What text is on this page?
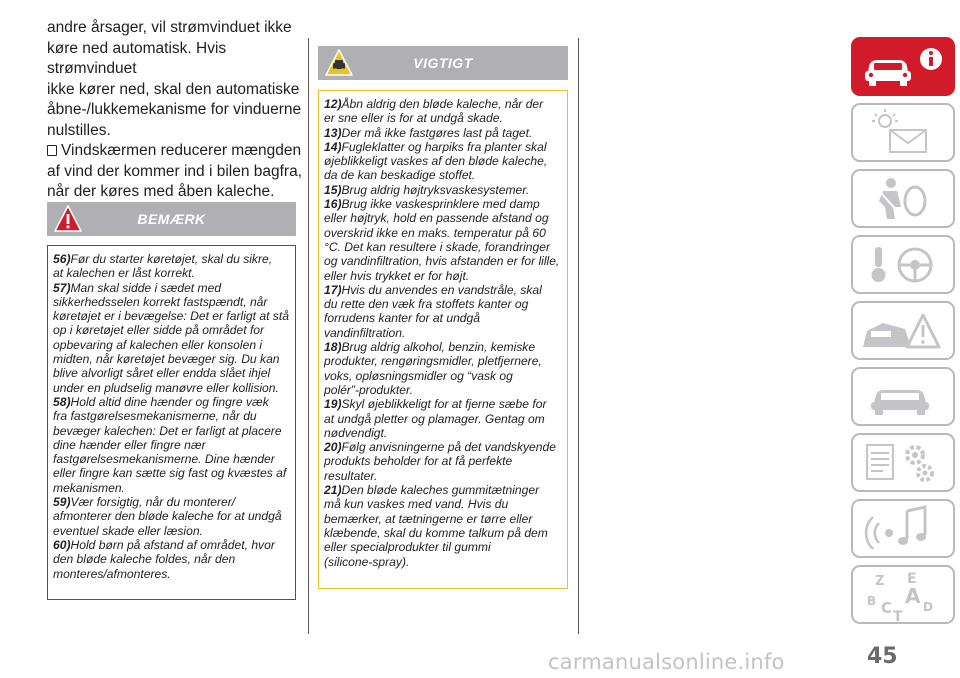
andre årsager, vil strømvinduet ikke

køre ned automatisk. Hvis strømvinduet

ikke kører ned, skal den automatiske

åbne-/lukkemekanisme for vinduerne

nulstilles.

Vindskærmen reducerer mængden

af vind der kommer ind i bilen bagfra,

når der køres med åben kaleche.

BEMÆRK
56)Før du starter køretøjet, skal du sikre,
at kalechen er låst korrekt.
57)Man skal sidde i sædet med
sikkerhedsselen korrekt fastspændt, når
køretøjet er i bevægelse: Det er farligt at stå
op i køretøjet eller sidde på området for
opbevaring af kalechen eller konsolen i
midten, når køretøjet bevæger sig. Du kan
blive alvorligt såret eller endda slået ihjel
under en pludselig manøvre eller kollision.
58)Hold altid dine hænder og fingre væk
fra fastgørelsesmekanismerne, når du
bevæger kalechen: Det er farligt at placere
dine hænder eller fingre nær
fastgørelsesmekanismerne. Dine hænder
eller fingre kan sætte sig fast og kvæstes af
mekanismen.
59)Vær forsigtig, når du monterer/
afmonterer den bløde kaleche for at undgå
eventuel skade eller læsion.
60)Hold børn på afstand af området, hvor
den bløde kaleche foldes, når den
monteres/afmonteres.
VIGTIGT
12)Åbn aldrig den bløde kaleche, når der
er sne eller is for at undgå skade.
13)Der må ikke fastgøres last på taget.
14)Fugleklatter og harpiks fra planter skal
øjeblikkeligt vaskes af den bløde kaleche,
da de kan beskadige stoffet.
15)Brug aldrig højtryksvaskesystemer.
16)Brug ikke vaskesprinklere med damp
eller højtryk, hold en passende afstand og
overskrid ikke en maks. temperatur på 60
°C. Det kan resultere i skade, forandringer
og vandinfiltration, hvis afstanden er for lille,
eller hvis trykket er for højt.
17)Hvis du anvendes en vandstråle, skal
du rette den væk fra stoffets kanter og
forrudens kanter for at undgå
vandinfiltration.
18)Brug aldrig alkohol, benzin, kemiske
produkter, rengøringsmidler, pletfjernere,
voks, opløsningsmidler og “vask og
polér”-produkter.
19)Skyl øjeblikkeligt for at fjerne sæbe for
at undgå pletter og plamager. Gentag om
nødvendigt.
20)Følg anvisningerne på det vandskyende
produkts beholder for at få perfekte
resultater.
21)Den bløde kaleches gummitætninger
må kun vaskes med vand. Hvis du
bemærker, at tætningerne er tørre eller
klæbende, skal du komme talkum på dem
eller specialprodukter til gummi
(silicone-spray).
Z E
B A
C	D
T
carmanualsonline.info	45
